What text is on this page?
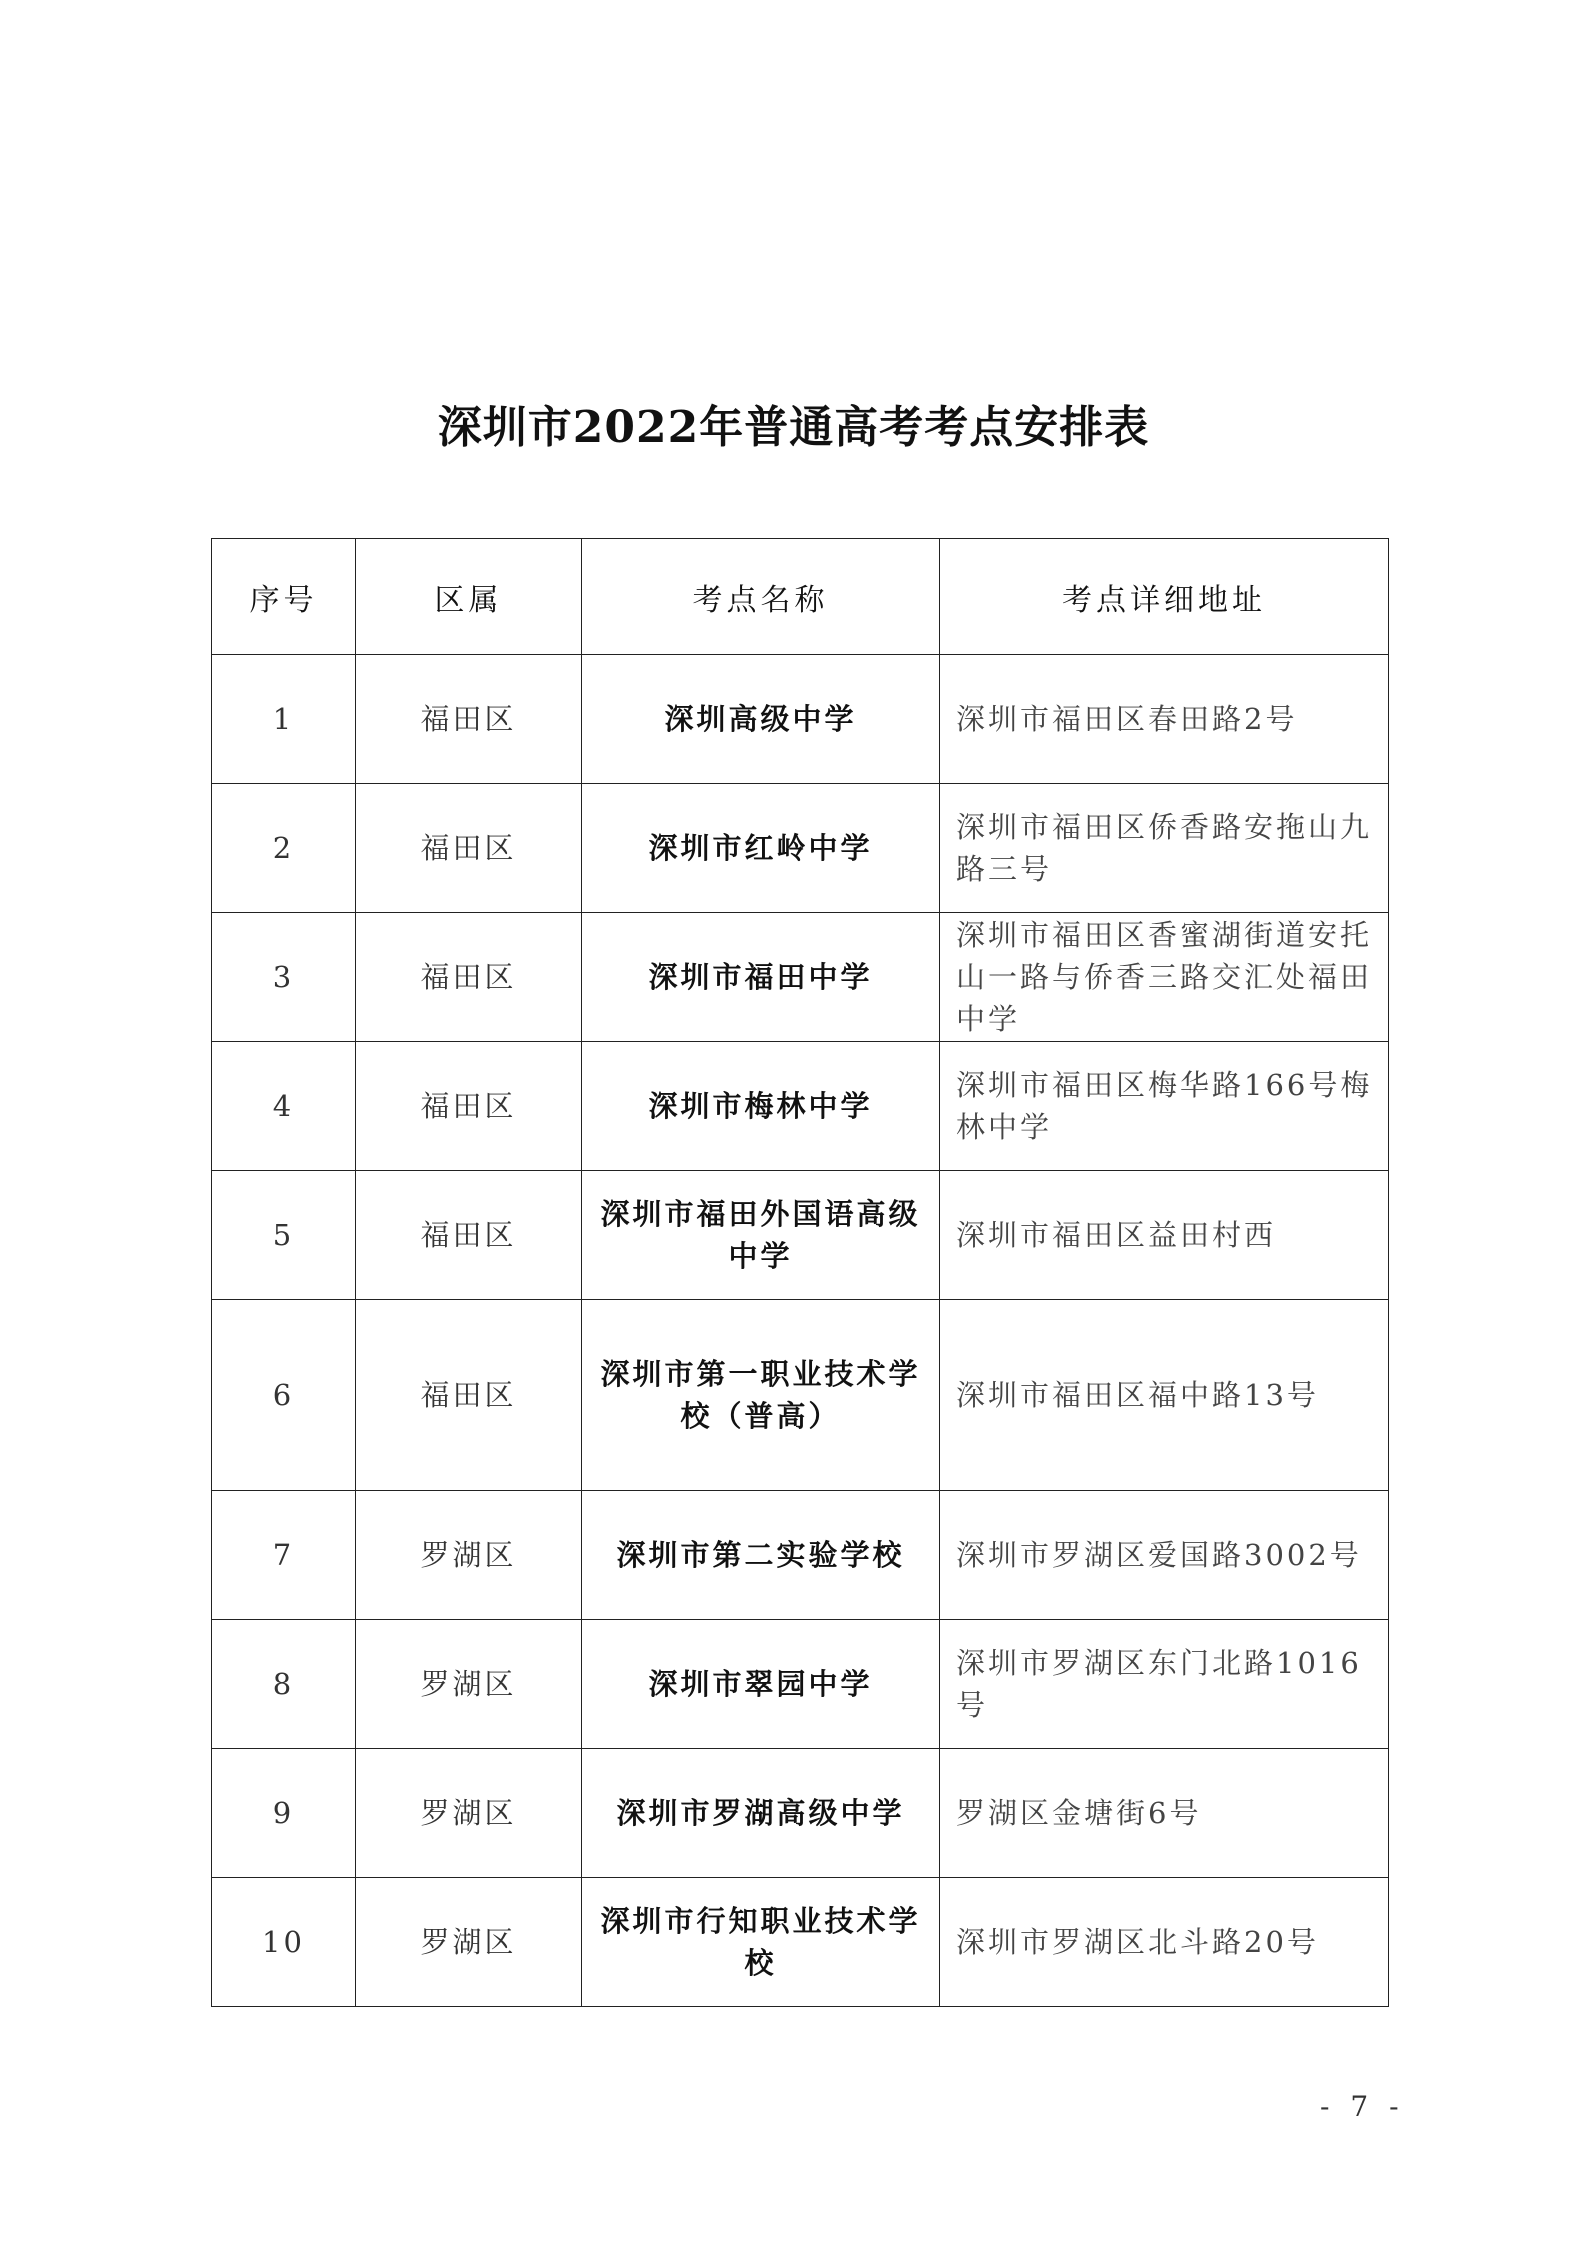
深圳市2022年普通高考考点安排表
序号	区属	考点名称	考点详细地址
1	福田区	深圳高级中学	深圳市福田区春田路2号
2	福田区	深圳市红岭中学	深圳市福田区侨香路安拖山九路三号
3	福田区	深圳市福田中学	深圳市福田区香蜜湖街道安托山一路与侨香三路交汇处福田中学
4	福田区	深圳市梅林中学	深圳市福田区梅华路166号梅林中学
5	福田区	深圳市福田外国语高级中学	深圳市福田区益田村西
6	福田区	深圳市第一职业技术学校（普高）	深圳市福田区福中路13号
7	罗湖区	深圳市第二实验学校	深圳市罗湖区爱国路3002号
8	罗湖区	深圳市翠园中学	深圳市罗湖区东门北路1016号
9	罗湖区	深圳市罗湖高级中学	罗湖区金塘街6号
10	罗湖区	深圳市行知职业技术学校	深圳市罗湖区北斗路20号
- 7 -
